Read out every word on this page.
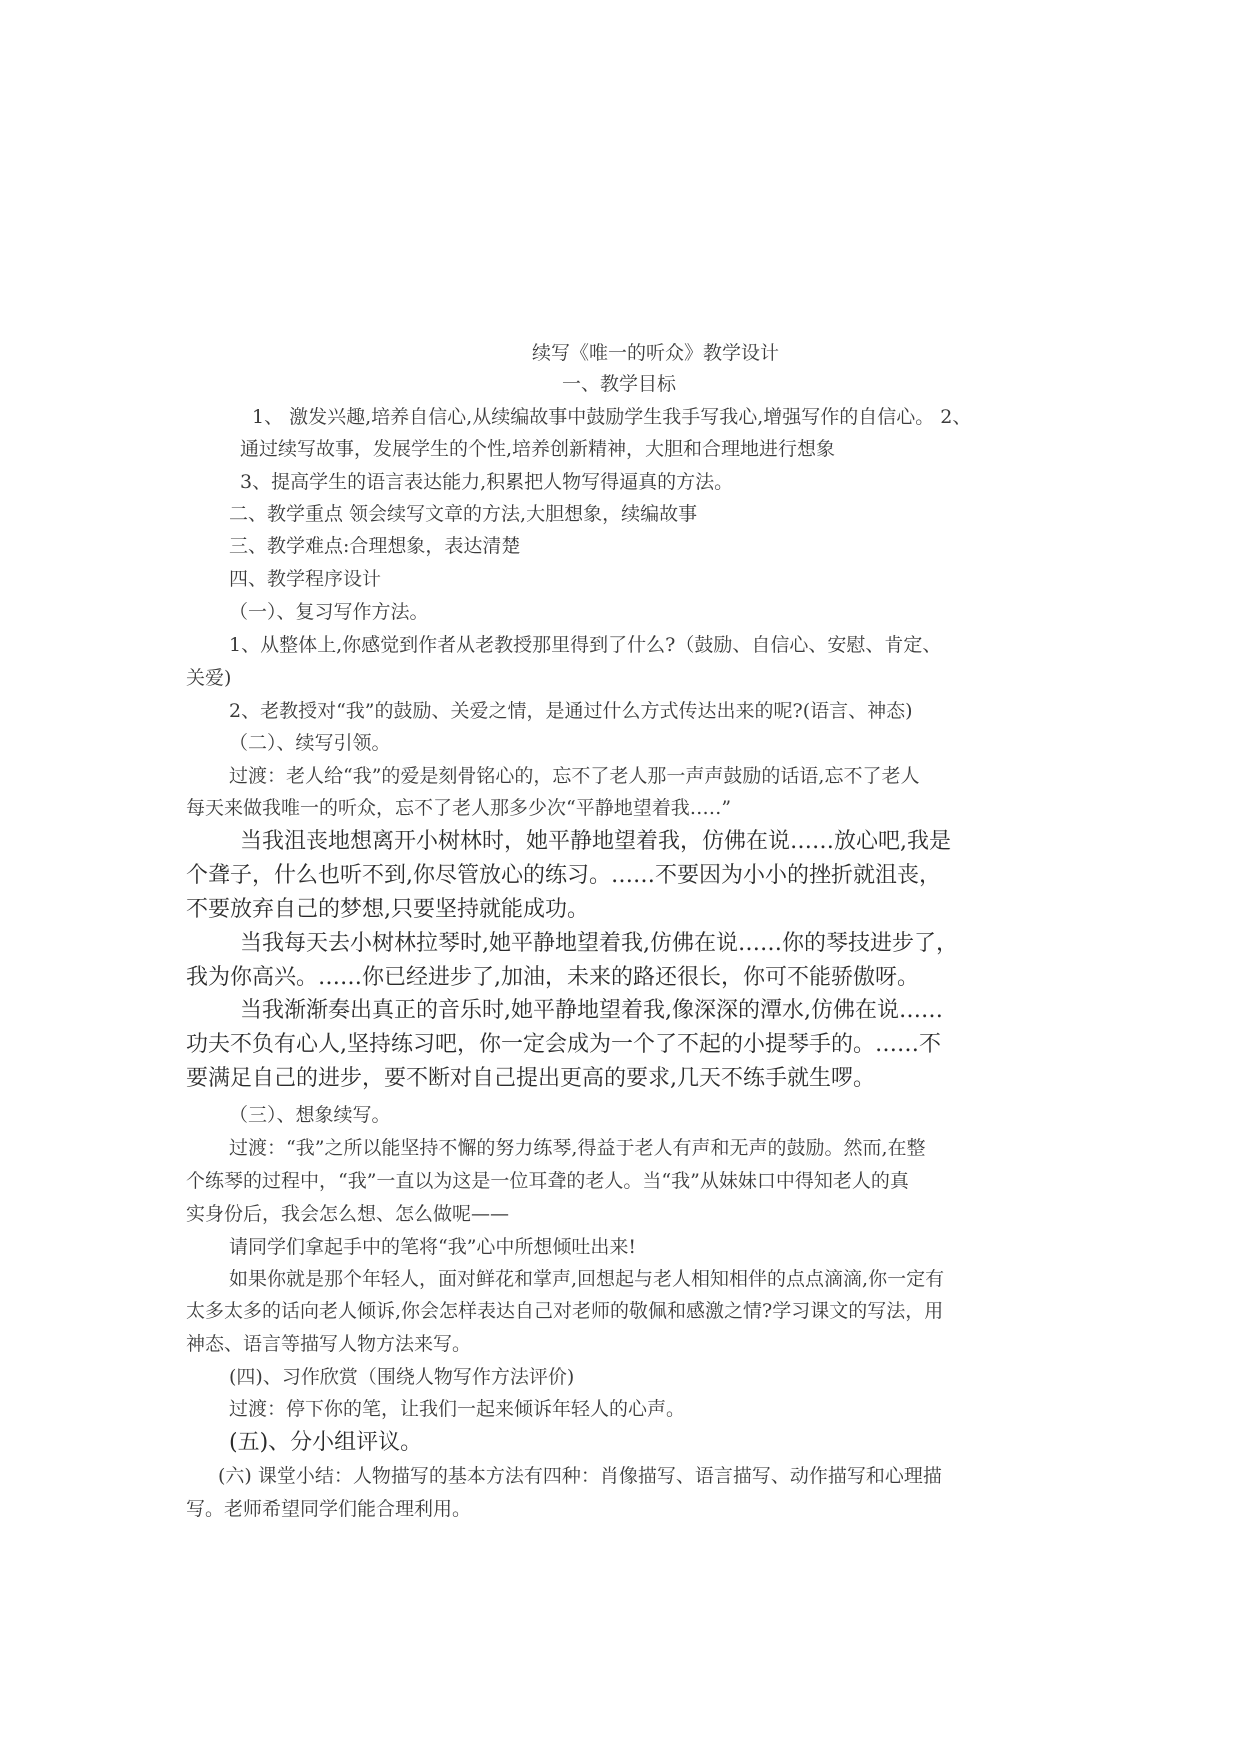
续写《唯一的听众》教学设计

一、教学目标

1、 激发兴趣,培养自信心,从续编故事中鼓励学生我手写我心,增强写作的自信心。 2、

通过续写故事，发展学生的个性,培养创新精神，大胆和合理地进行想象

3、提高学生的语言表达能力,积累把人物写得逼真的方法。

二、教学重点 领会续写文章的方法,大胆想象，续编故事

三、教学难点:合理想象，表达清楚

四、教学程序设计

（一）、复习写作方法。

1、从整体上,你感觉到作者从老教授那里得到了什么?（鼓励、自信心、安慰、肯定、

关爱)

2、老教授对“我”的鼓励、关爱之情，是通过什么方式传达出来的呢?(语言、神态)

（二）、续写引领。

过渡：老人给“我”的爱是刻骨铭心的，忘不了老人那一声声鼓励的话语,忘不了老人

每天来做我唯一的听众，忘不了老人那多少次“平静地望着我…‥”

当我沮丧地想离开小树林时，她平静地望着我，仿佛在说……放心吧,我是

个聋子，什么也听不到,你尽管放心的练习。……不要因为小小的挫折就沮丧，

不要放弃自己的梦想,只要坚持就能成功。

当我每天去小树林拉琴时,她平静地望着我,仿佛在说……你的琴技进步了，

我为你高兴。……你已经进步了,加油，未来的路还很长，你可不能骄傲呀。

当我渐渐奏出真正的音乐时,她平静地望着我,像深深的潭水,仿佛在说……

功夫不负有心人,坚持练习吧，你一定会成为一个了不起的小提琴手的。……不

要满足自己的进步，要不断对自己提出更高的要求,几天不练手就生啰。

（三）、想象续写。

过渡：“我”之所以能坚持不懈的努力练琴,得益于老人有声和无声的鼓励。然而,在整

个练琴的过程中，“我”一直以为这是一位耳聋的老人。当“我”从妹妹口中得知老人的真

实身份后，我会怎么想、怎么做呢——

请同学们拿起手中的笔将“我”心中所想倾吐出来!

如果你就是那个年轻人，面对鲜花和掌声,回想起与老人相知相伴的点点滴滴,你一定有

太多太多的话向老人倾诉,你会怎样表达自己对老师的敬佩和感激之情?学习课文的写法，用

神态、语言等描写人物方法来写。

(四)、习作欣赏（围绕人物写作方法评价)

过渡：停下你的笔，让我们一起来倾诉年轻人的心声。

(五)、分小组评议。

(六) 课堂小结：人物描写的基本方法有四种：肖像描写、语言描写、动作描写和心理描

写。老师希望同学们能合理利用。
